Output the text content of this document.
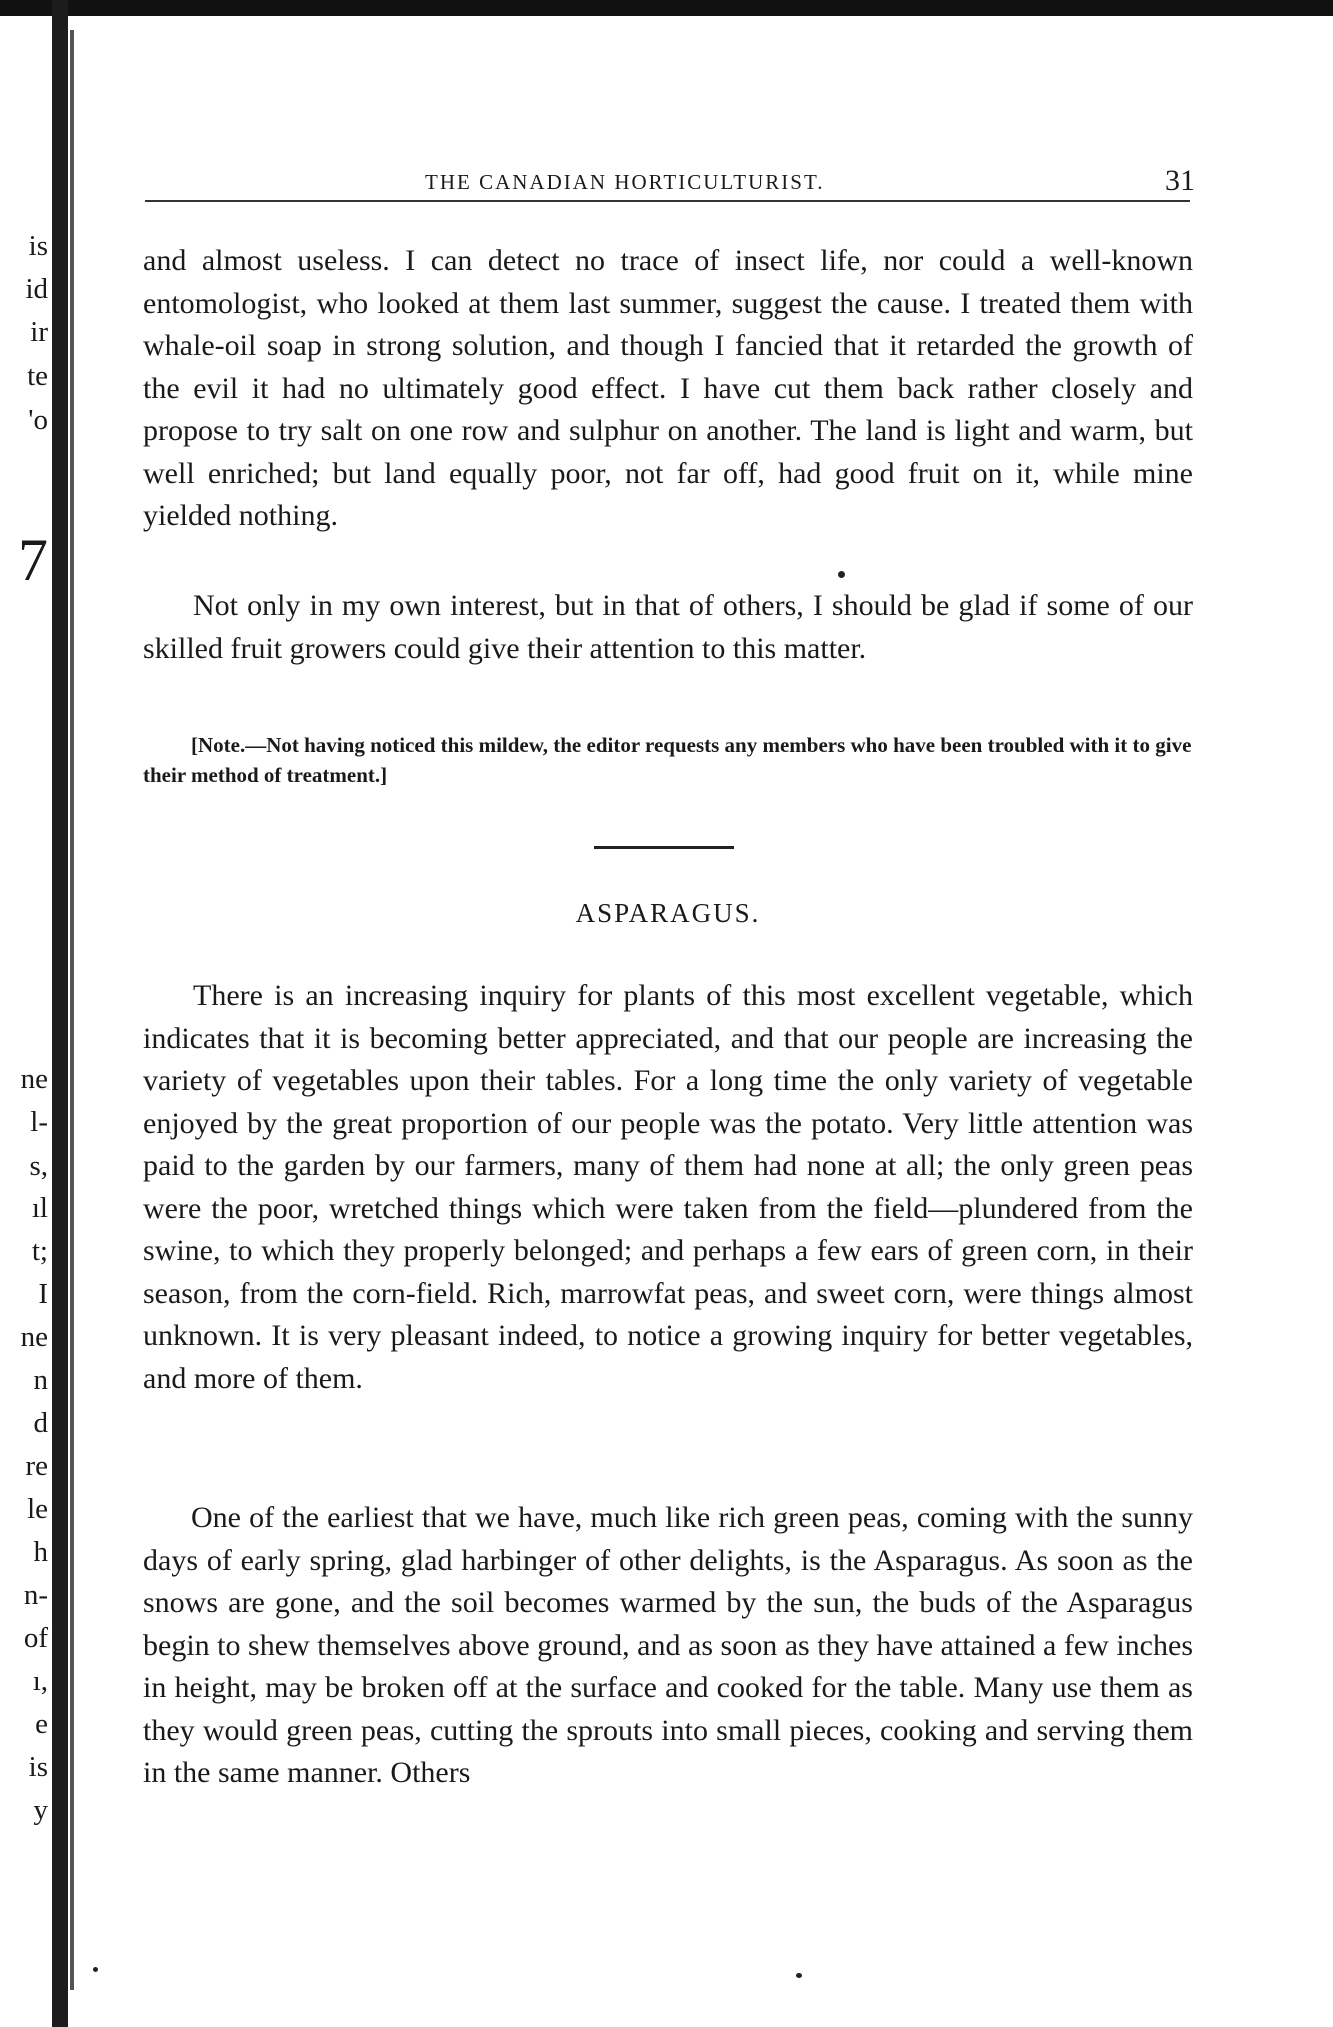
is
id
ir
te
'o
7
ne
l-
s,
ıl
t;
I
ne
n
d
re
le
h
n-
of
ı,
e
is
y
THE CANADIAN HORTICULTURIST.	31

and almost useless. I can detect no trace of insect life, nor could a well-known entomologist, who looked at them last summer, suggest the cause. I treated them with whale-oil soap in strong solution, and though I fancied that it retarded the growth of the evil it had no ultimately good effect. I have cut them back rather closely and propose to try salt on one row and sulphur on another. The land is light and warm, but well enriched; but land equally poor, not far off, had good fruit on it, while mine yielded nothing.

Not only in my own interest, but in that of others, I should be glad if some of our skilled fruit growers could give their attention to this matter.

[Note.—Not having noticed this mildew, the editor requests any members who have been troubled with it to give their method of treatment.]
ASPARAGUS.

There is an increasing inquiry for plants of this most excellent vegetable, which indicates that it is becoming better appreciated, and that our people are increasing the variety of vegetables upon their tables. For a long time the only variety of vegetable enjoyed by the great proportion of our people was the potato. Very little attention was paid to the garden by our farmers, many of them had none at all; the only green peas were the poor, wretched things which were taken from the field—plundered from the swine, to which they properly belonged; and perhaps a few ears of green corn, in their season, from the corn-field. Rich, marrowfat peas, and sweet corn, were things almost unknown. It is very pleasant indeed, to notice a growing inquiry for better vegetables, and more of them.

One of the earliest that we have, much like rich green peas, coming with the sunny days of early spring, glad harbinger of other delights, is the Asparagus. As soon as the snows are gone, and the soil becomes warmed by the sun, the buds of the Asparagus begin to shew themselves above ground, and as soon as they have attained a few inches in height, may be broken off at the surface and cooked for the table. Many use them as they would green peas, cutting the sprouts into small pieces, cooking and serving them in the same manner. Others
